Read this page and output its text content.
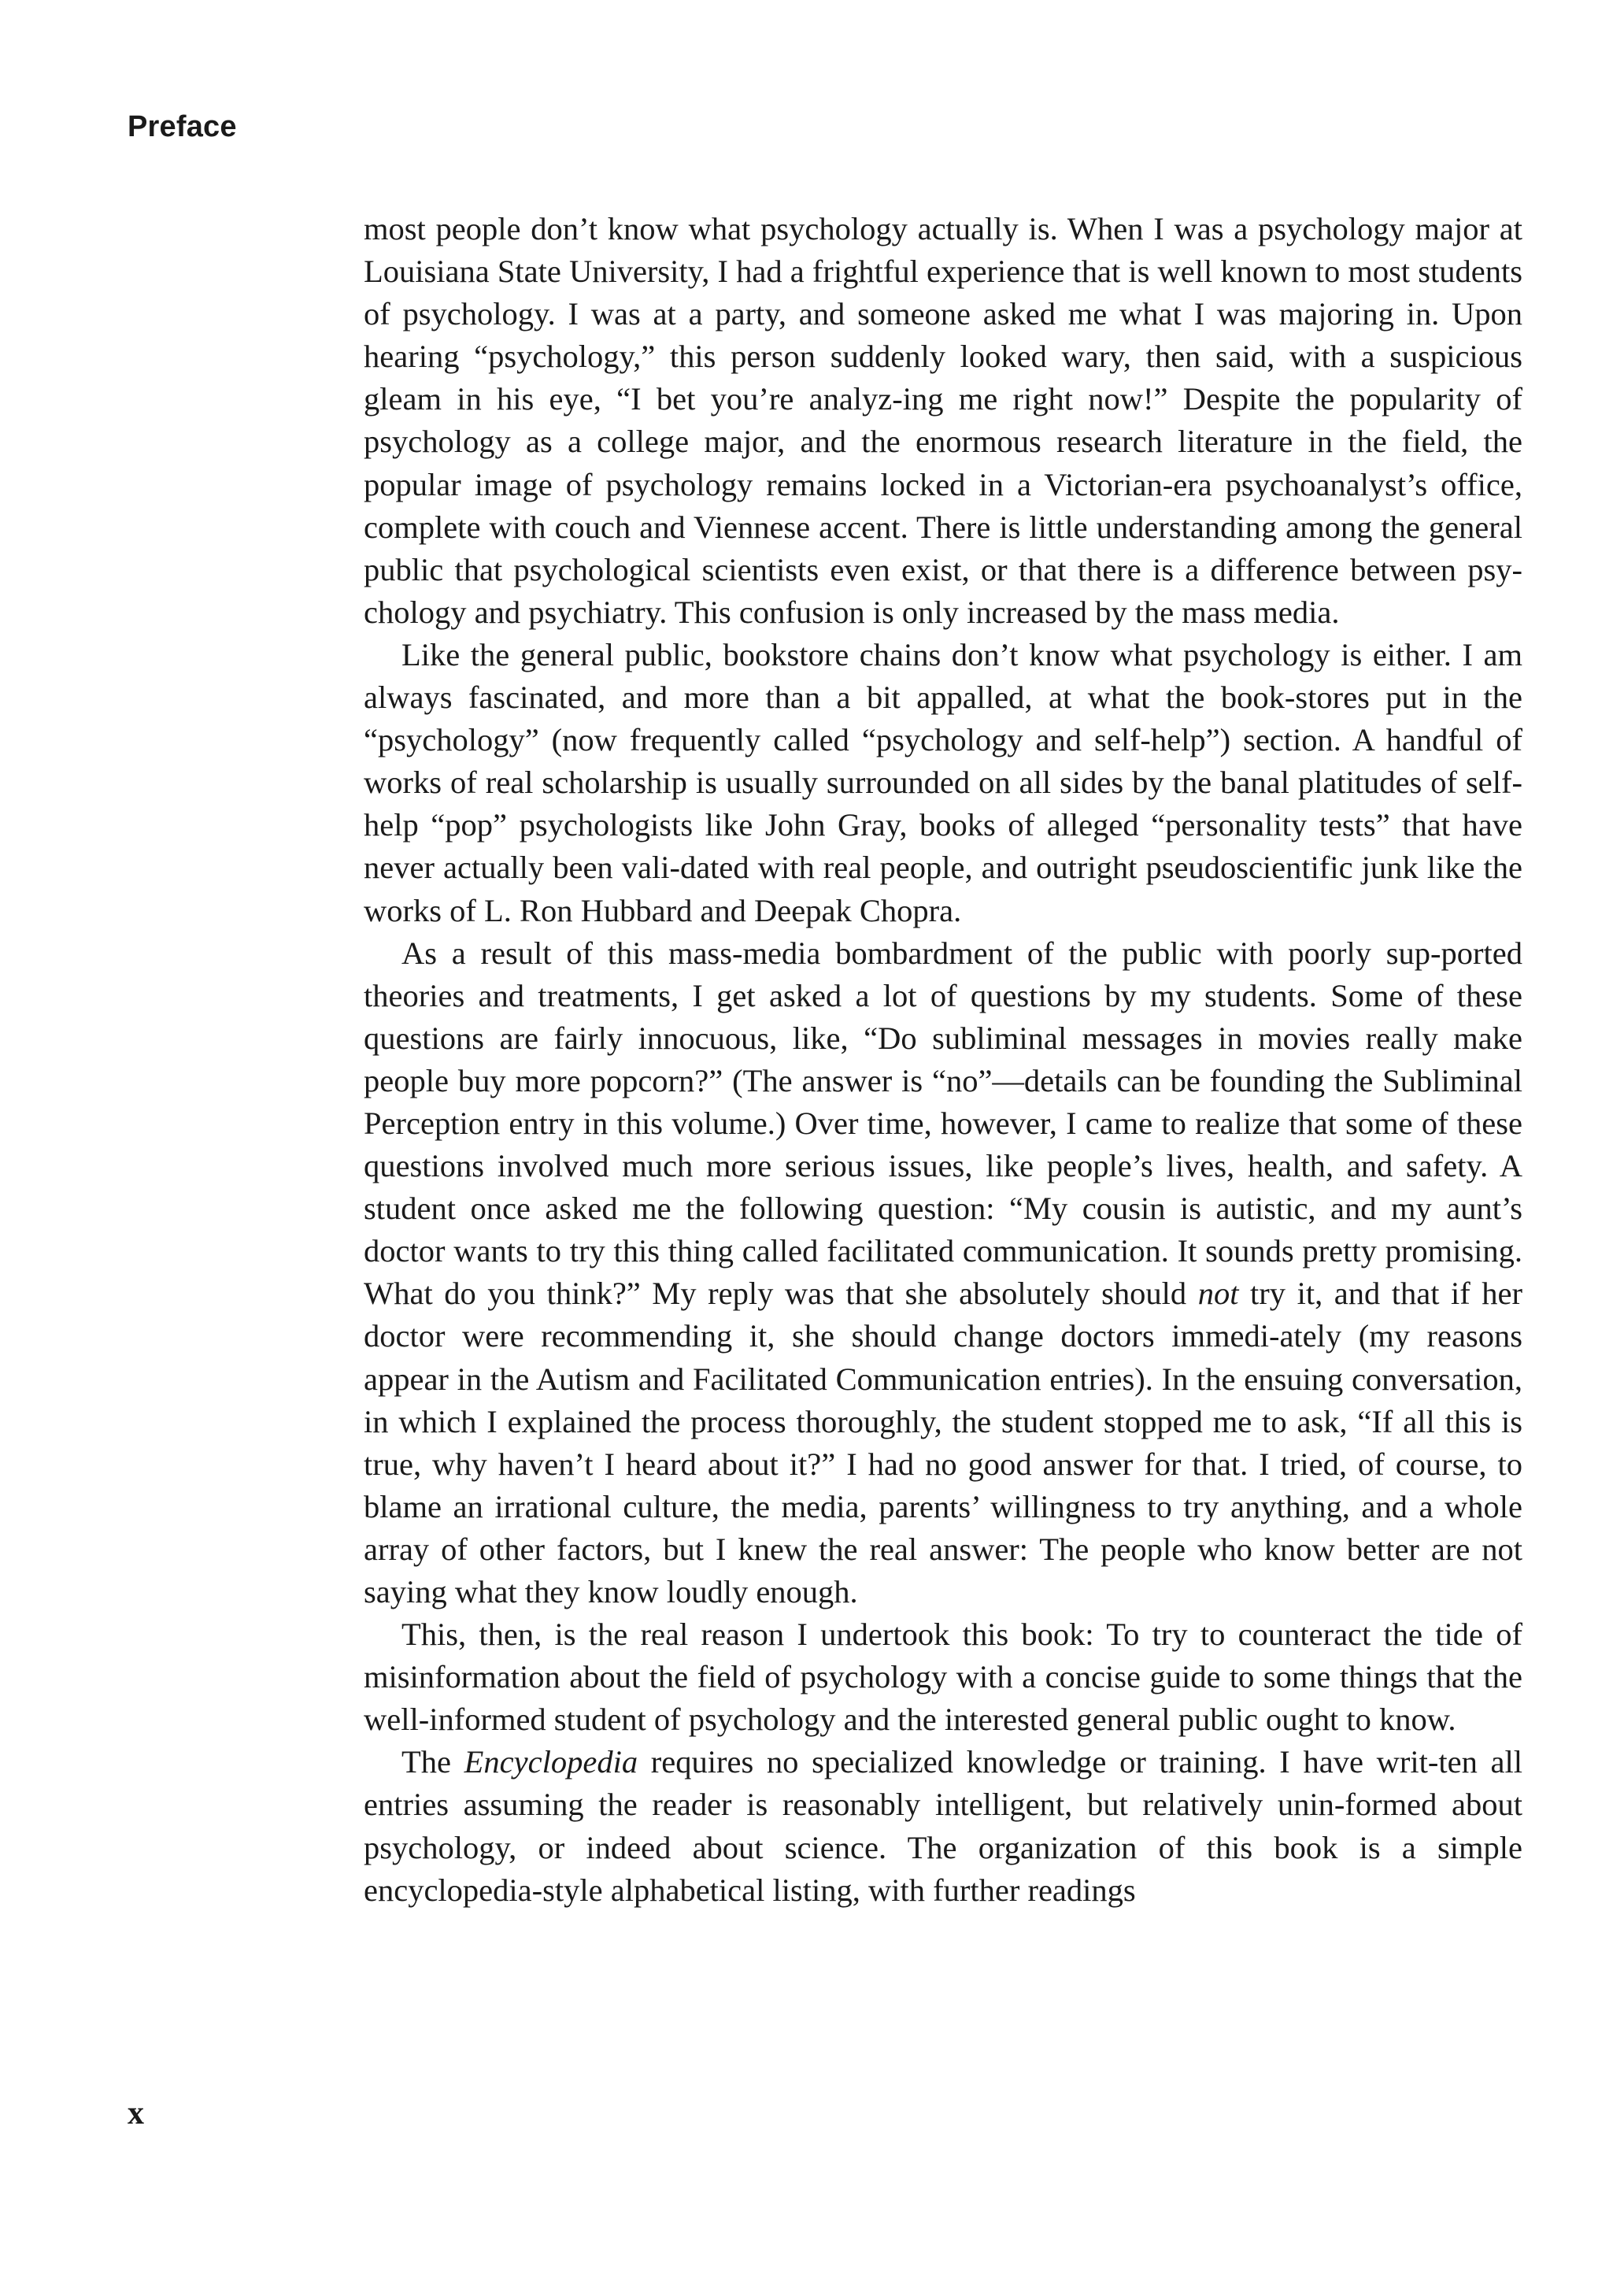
Preface

most people don’t know what psychology actually is. When I was a psychology major at Louisiana State University, I had a frightful experience that is well known to most students of psychology. I was at a party, and someone asked me what I was majoring in. Upon hearing “psychology,” this person suddenly looked wary, then said, with a suspicious gleam in his eye, “I bet you’re analyz-ing me right now!” Despite the popularity of psychology as a college major, and the enormous research literature in the field, the popular image of psychology remains locked in a Victorian-era psychoanalyst’s office, complete with couch and Viennese accent. There is little understanding among the general public that psychological scientists even exist, or that there is a difference between psy-chology and psychiatry. This confusion is only increased by the mass media.

Like the general public, bookstore chains don’t know what psychology is either. I am always fascinated, and more than a bit appalled, at what the book-stores put in the “psychology” (now frequently called “psychology and self-help”) section. A handful of works of real scholarship is usually surrounded on all sides by the banal platitudes of self-help “pop” psychologists like John Gray, books of alleged “personality tests” that have never actually been vali-dated with real people, and outright pseudoscientific junk like the works of L. Ron Hubbard and Deepak Chopra.

As a result of this mass-media bombardment of the public with poorly sup-ported theories and treatments, I get asked a lot of questions by my students. Some of these questions are fairly innocuous, like, “Do subliminal messages in movies really make people buy more popcorn?” (The answer is “no”—details can be founding the Subliminal Perception entry in this volume.) Over time, however, I came to realize that some of these questions involved much more serious issues, like people’s lives, health, and safety. A student once asked me the following question: “My cousin is autistic, and my aunt’s doctor wants to try this thing called facilitated communication. It sounds pretty promising. What do you think?” My reply was that she absolutely should not try it, and that if her doctor were recommending it, she should change doctors immedi-ately (my reasons appear in the Autism and Facilitated Communication entries). In the ensuing conversation, in which I explained the process thoroughly, the student stopped me to ask, “If all this is true, why haven’t I heard about it?” I had no good answer for that. I tried, of course, to blame an irrational culture, the media, parents’ willingness to try anything, and a whole array of other factors, but I knew the real answer: The people who know better are not saying what they know loudly enough.

This, then, is the real reason I undertook this book: To try to counteract the tide of misinformation about the field of psychology with a concise guide to some things that the well-informed student of psychology and the interested general public ought to know.

The Encyclopedia requires no specialized knowledge or training. I have writ-ten all entries assuming the reader is reasonably intelligent, but relatively unin-formed about psychology, or indeed about science. The organization of this book is a simple encyclopedia-style alphabetical listing, with further readings

x
